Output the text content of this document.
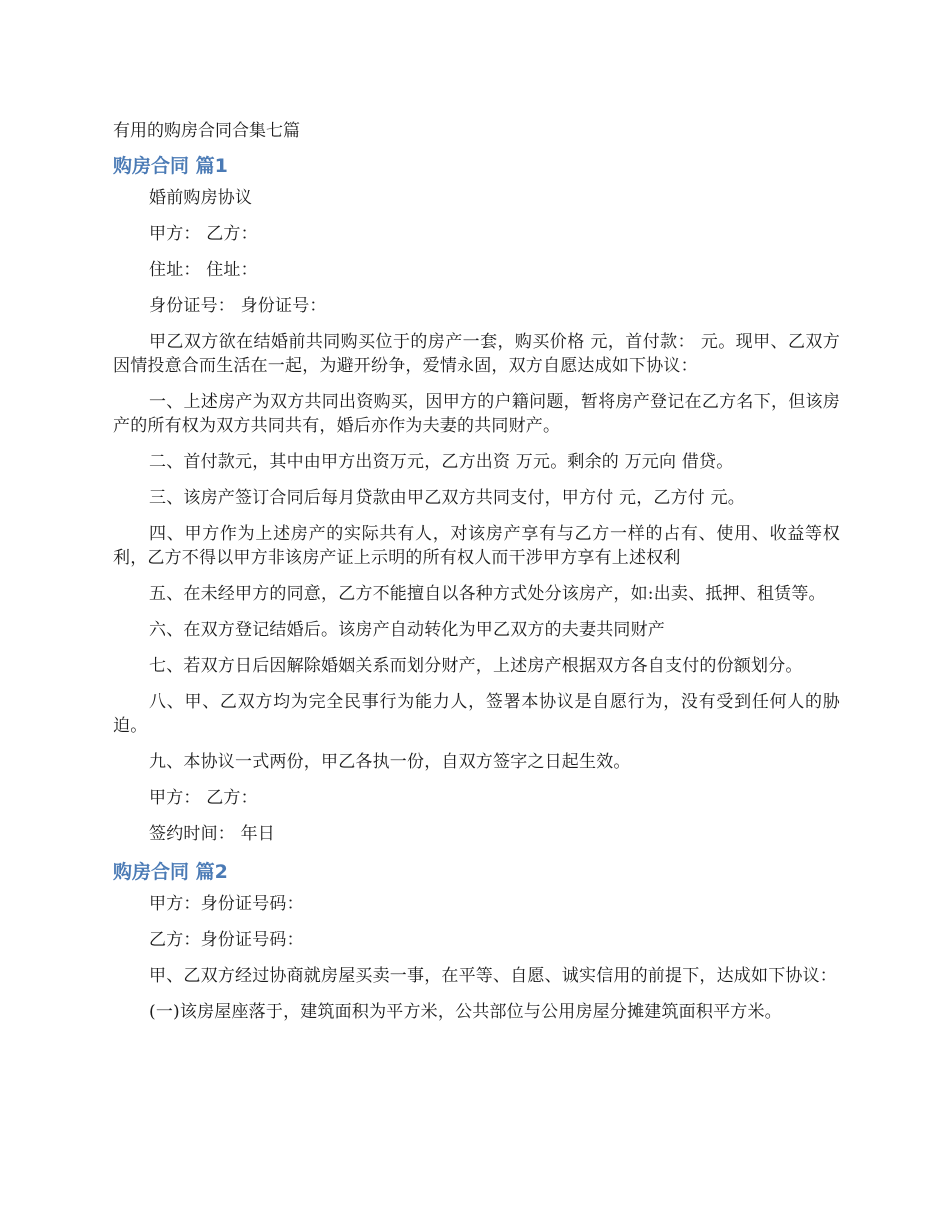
有用的购房合同合集七篇
购房合同 篇1

婚前购房协议

甲方： 乙方：

住址： 住址：

身份证号： 身份证号：

甲乙双方欲在结婚前共同购买位于的房产一套，购买价格 元，首付款： 元。现甲、乙双方因情投意合而生活在一起，为避开纷争，爱情永固，双方自愿达成如下协议：

一、上述房产为双方共同出资购买，因甲方的户籍问题，暂将房产登记在乙方名下，但该房产的所有权为双方共同共有，婚后亦作为夫妻的共同财产。

二、首付款元，其中由甲方出资万元，乙方出资 万元。剩余的 万元向 借贷。

三、该房产签订合同后每月贷款由甲乙双方共同支付，甲方付 元，乙方付 元。

四、甲方作为上述房产的实际共有人，对该房产享有与乙方一样的占有、使用、收益等权利，乙方不得以甲方非该房产证上示明的所有权人而干涉甲方享有上述权利

五、在未经甲方的同意，乙方不能擅自以各种方式处分该房产，如:出卖、抵押、租赁等。

六、在双方登记结婚后。该房产自动转化为甲乙双方的夫妻共同财产

七、若双方日后因解除婚姻关系而划分财产，上述房产根据双方各自支付的份额划分。

八、甲、乙双方均为完全民事行为能力人，签署本协议是自愿行为，没有受到任何人的胁迫。

九、本协议一式两份，甲乙各执一份，自双方签字之日起生效。

甲方： 乙方：

签约时间： 年日

购房合同 篇2

甲方：身份证号码：

乙方：身份证号码：

甲、乙双方经过协商就房屋买卖一事，在平等、自愿、诚实信用的前提下，达成如下协议：

(一)该房屋座落于，建筑面积为平方米，公共部位与公用房屋分摊建筑面积平方米。
